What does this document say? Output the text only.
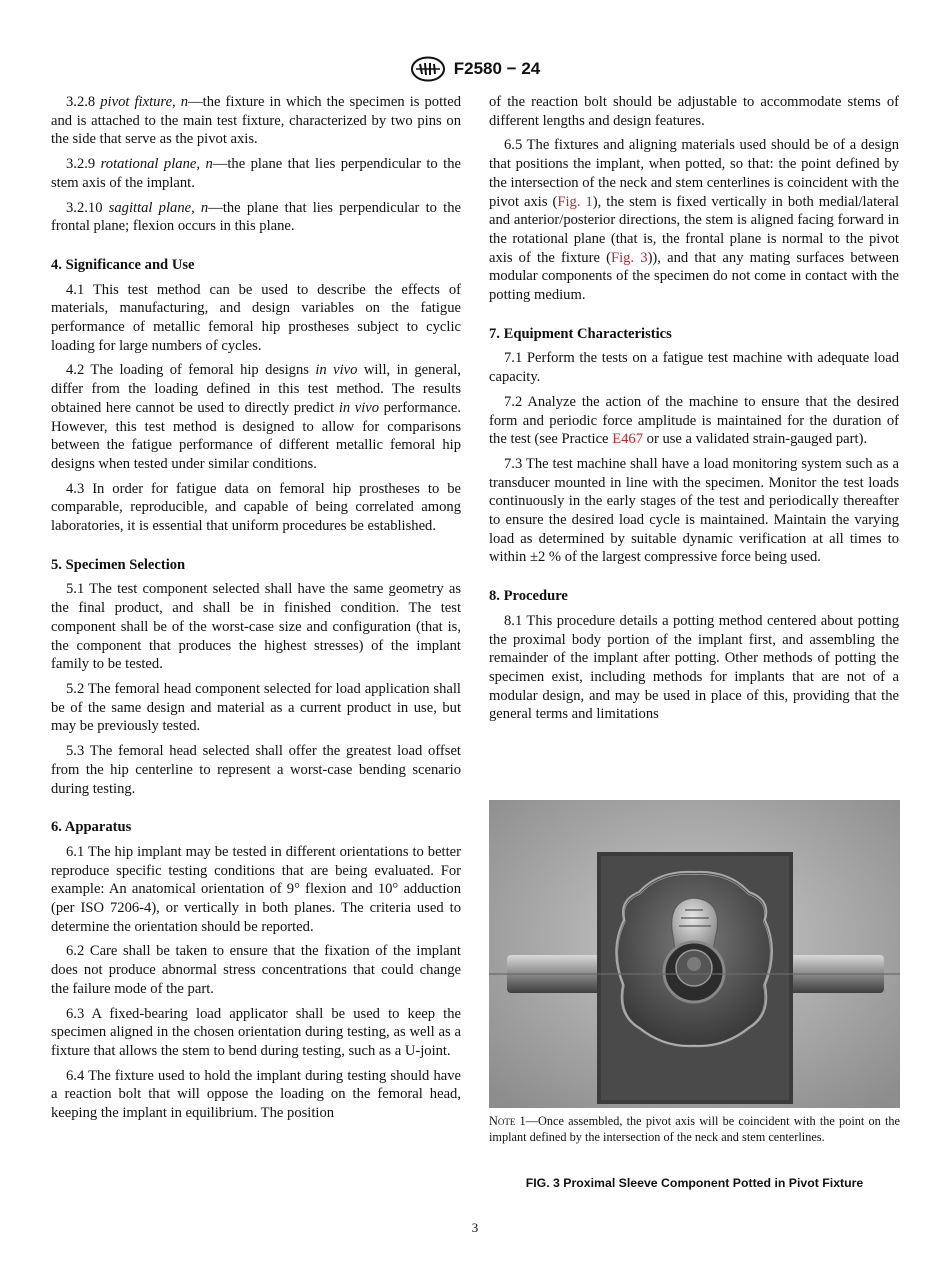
F2580 − 24

3.2.8 pivot fixture, n—the fixture in which the specimen is potted and is attached to the main test fixture, characterized by two pins on the side that serve as the pivot axis.

3.2.9 rotational plane, n—the plane that lies perpendicular to the stem axis of the implant.

3.2.10 sagittal plane, n—the plane that lies perpendicular to the frontal plane; flexion occurs in this plane.

4. Significance and Use

4.1 This test method can be used to describe the effects of materials, manufacturing, and design variables on the fatigue performance of metallic femoral hip prostheses subject to cyclic loading for large numbers of cycles.

4.2 The loading of femoral hip designs in vivo will, in general, differ from the loading defined in this test method. The results obtained here cannot be used to directly predict in vivo performance. However, this test method is designed to allow for comparisons between the fatigue performance of different metallic femoral hip designs when tested under similar conditions.

4.3 In order for fatigue data on femoral hip prostheses to be comparable, reproducible, and capable of being correlated among laboratories, it is essential that uniform procedures be established.

5. Specimen Selection

5.1 The test component selected shall have the same geometry as the final product, and shall be in finished condition. The test component shall be of the worst-case size and configuration (that is, the component that produces the highest stresses) of the implant family to be tested.

5.2 The femoral head component selected for load application shall be of the same design and material as a current product in use, but may be previously tested.

5.3 The femoral head selected shall offer the greatest load offset from the hip centerline to represent a worst-case bending scenario during testing.

6. Apparatus

6.1 The hip implant may be tested in different orientations to better reproduce specific testing conditions that are being evaluated. For example: An anatomical orientation of 9° flexion and 10° adduction (per ISO 7206-4), or vertically in both planes. The criteria used to determine the orientation should be reported.

6.2 Care shall be taken to ensure that the fixation of the implant does not produce abnormal stress concentrations that could change the failure mode of the part.

6.3 A fixed-bearing load applicator shall be used to keep the specimen aligned in the chosen orientation during testing, as well as a fixture that allows the stem to bend during testing, such as a U-joint.

6.4 The fixture used to hold the implant during testing should have a reaction bolt that will oppose the loading on the femoral head, keeping the implant in equilibrium. The position

of the reaction bolt should be adjustable to accommodate stems of different lengths and design features.

6.5 The fixtures and aligning materials used should be of a design that positions the implant, when potted, so that: the point defined by the intersection of the neck and stem centerlines is coincident with the pivot axis (Fig. 1), the stem is fixed vertically in both medial/lateral and anterior/posterior directions, the stem is aligned facing forward in the rotational plane (that is, the frontal plane is normal to the pivot axis of the fixture (Fig. 3)), and that any mating surfaces between modular components of the specimen do not come in contact with the potting medium.

7. Equipment Characteristics

7.1 Perform the tests on a fatigue test machine with adequate load capacity.

7.2 Analyze the action of the machine to ensure that the desired form and periodic force amplitude is maintained for the duration of the test (see Practice E467 or use a validated strain-gauged part).

7.3 The test machine shall have a load monitoring system such as a transducer mounted in line with the specimen. Monitor the test loads continuously in the early stages of the test and periodically thereafter to ensure the desired load cycle is maintained. Maintain the varying load as determined by suitable dynamic verification at all times to within ±2 % of the largest compressive force being used.

8. Procedure

8.1 This procedure details a potting method centered about potting the proximal body portion of the implant first, and assembling the remainder of the implant after potting. Other methods of potting the specimen exist, including methods for implants that are not of a modular design, and may be used in place of this, providing that the general terms and limitations

Note 1—Once assembled, the pivot axis will be coincident with the point on the implant defined by the intersection of the neck and stem centerlines.
FIG. 3 Proximal Sleeve Component Potted in Pivot Fixture
3
